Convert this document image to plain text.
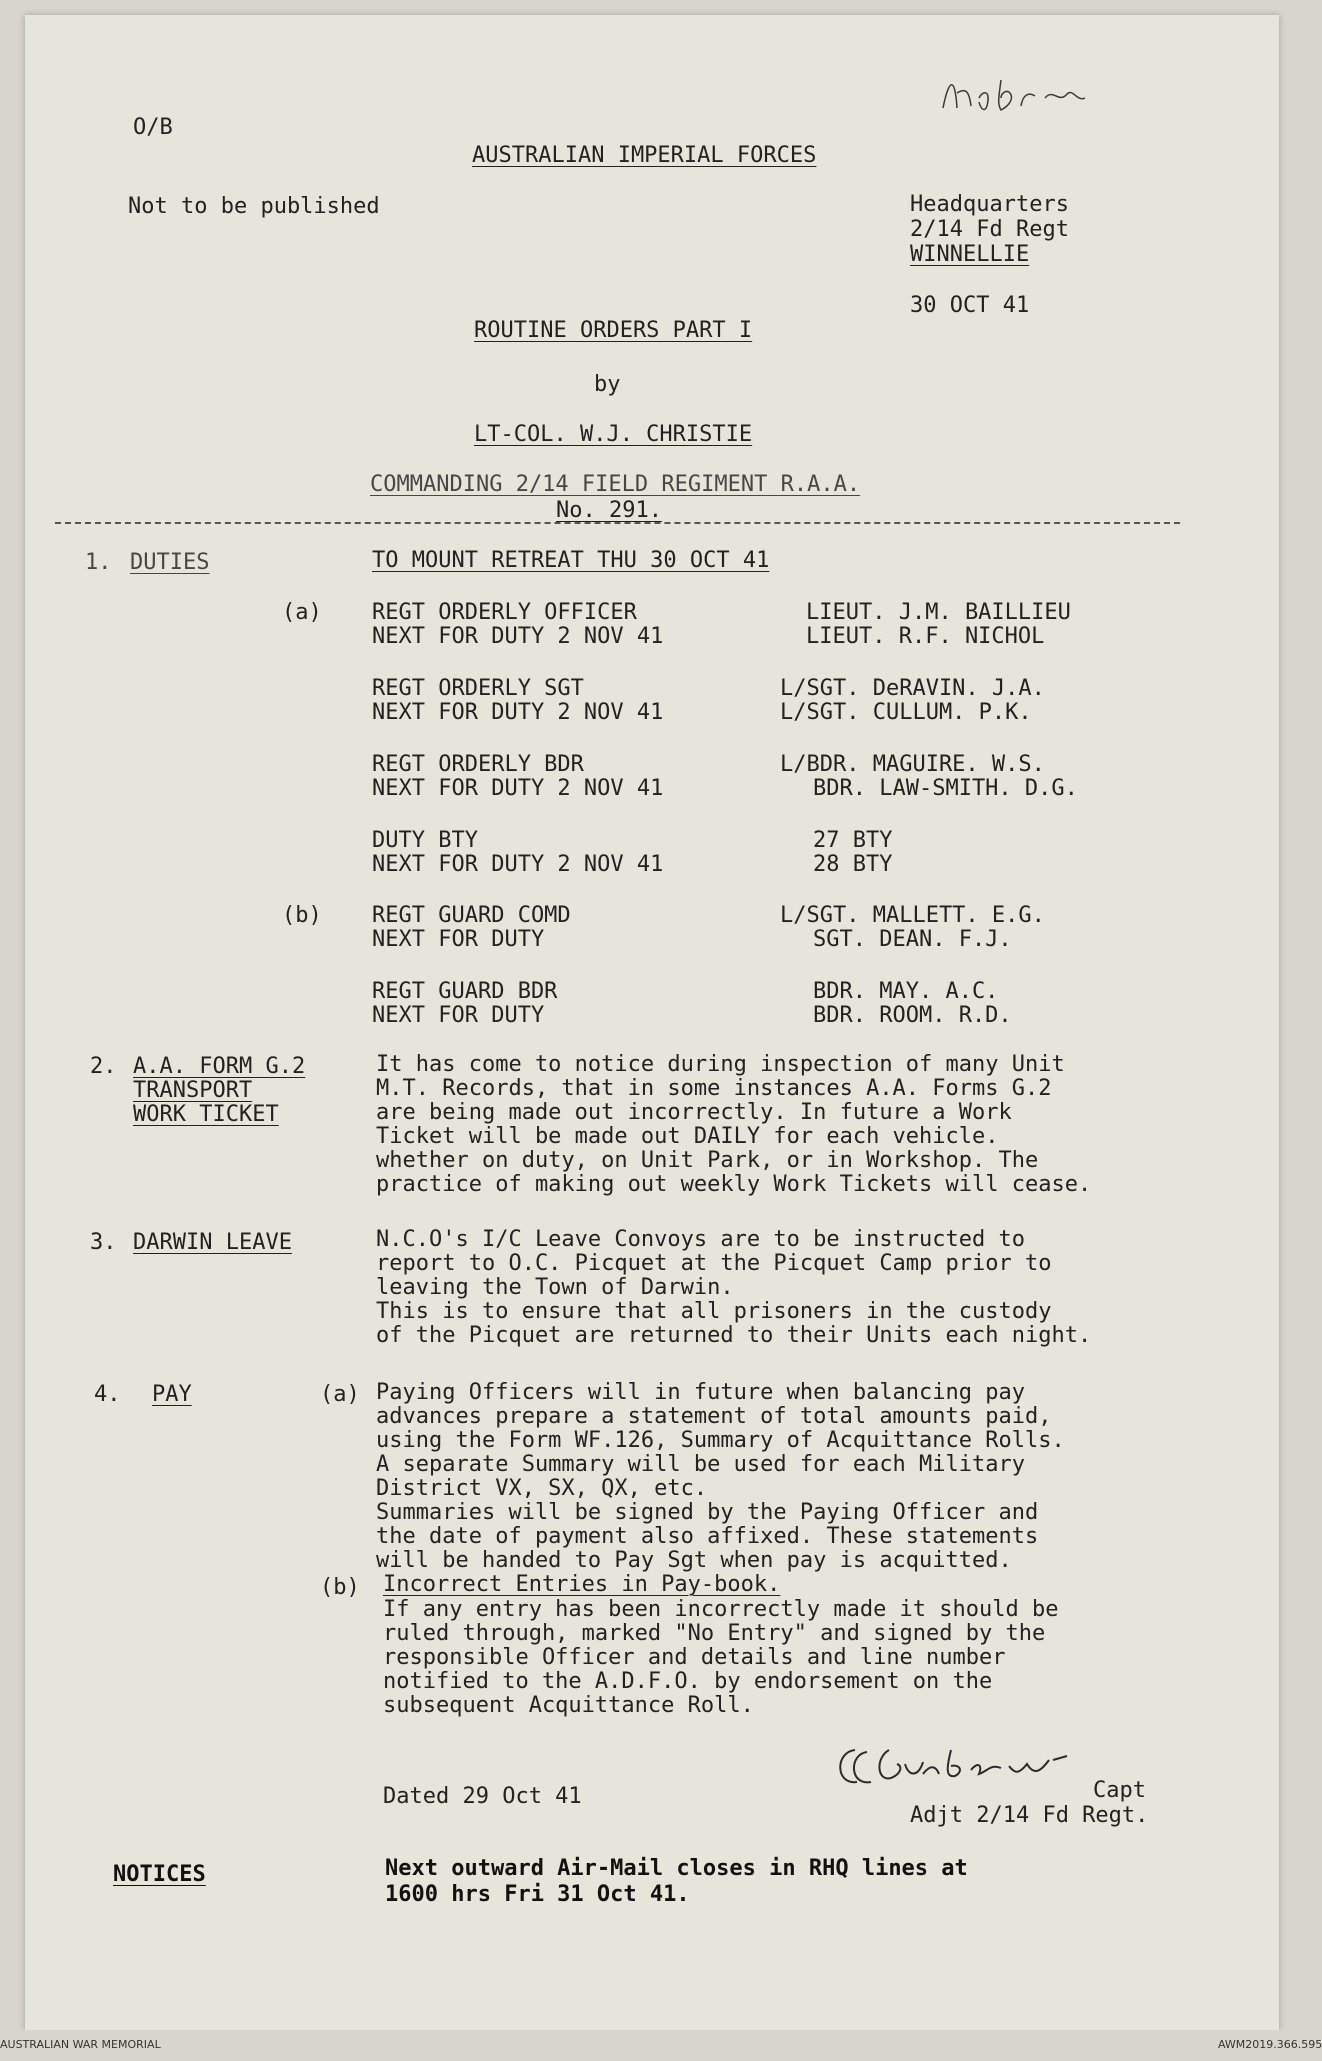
O/B
AUSTRALIAN IMPERIAL FORCES
Not to be published	Headquarters
2/14 Fd Regt
WINNELLIE
30 OCT 41
ROUTINE ORDERS PART I
by
LT-COL. W.J. CHRISTIE
COMMANDING 2/14 FIELD REGIMENT R.A.A.
No. 291.
1. DUTIES	TO MOUNT RETREAT THU 30 OCT 41
(a)
(b)
REGT ORDERLY OFFICER	LIEUT. J.M. BAILLIEU
NEXT FOR DUTY 2 NOV 41	LIEUT. R.F. NICHOL
REGT ORDERLY SGT	L/SGT. DeRAVIN. J.A.
NEXT FOR DUTY 2 NOV 41	L/SGT. CULLUM. P.K.
REGT ORDERLY BDR	L/BDR. MAGUIRE. W.S.
NEXT FOR DUTY 2 NOV 41	BDR. LAW-SMITH. D.G.
DUTY BTY	27 BTY
NEXT FOR DUTY 2 NOV 41	28 BTY
REGT GUARD COMD	L/SGT. MALLETT. E.G.
NEXT FOR DUTY	SGT. DEAN. F.J.
REGT GUARD BDR	BDR. MAY. A.C.
NEXT FOR DUTY	BDR. ROOM. R.D.
2. A.A. FORM G.2
TRANSPORT
WORK TICKET
It has come to notice during inspection of many Unit
M.T. Records, that in some instances A.A. Forms G.2
are being made out incorrectly. In future a Work
Ticket will be made out DAILY for each vehicle.
whether on duty, on Unit Park, or in Workshop. The
practice of making out weekly Work Tickets will cease.
3. DARWIN LEAVE	N.C.O's I/C Leave Convoys are to be instructed to
report to O.C. Picquet at the Picquet Camp prior to
leaving the Town of Darwin.
This is to ensure that all prisoners in the custody
of the Picquet are returned to their Units each night.
4. PAY	(a) Paying Officers will in future when balancing pay
advances prepare a statement of total amounts paid,
using the Form WF.126, Summary of Acquittance Rolls.
A separate Summary will be used for each Military
District VX, SX, QX, etc.
Summaries will be signed by the Paying Officer and
the date of payment also affixed. These statements
will be handed to Pay Sgt when pay is acquitted.
(b) Incorrect Entries in Pay-book.
If any entry has been incorrectly made it should be
ruled through, marked "No Entry" and signed by the
responsible Officer and details and line number
notified to the A.D.F.O. by endorsement on the
subsequent Acquittance Roll.
Dated 29 Oct 41	Capt
Adjt 2/14 Fd Regt.
NOTICES	Next outward Air-Mail closes in RHQ lines at
1600 hrs Fri 31 Oct 41.
AUSTRALIAN WAR MEMORIAL	AWM2019.366.595
